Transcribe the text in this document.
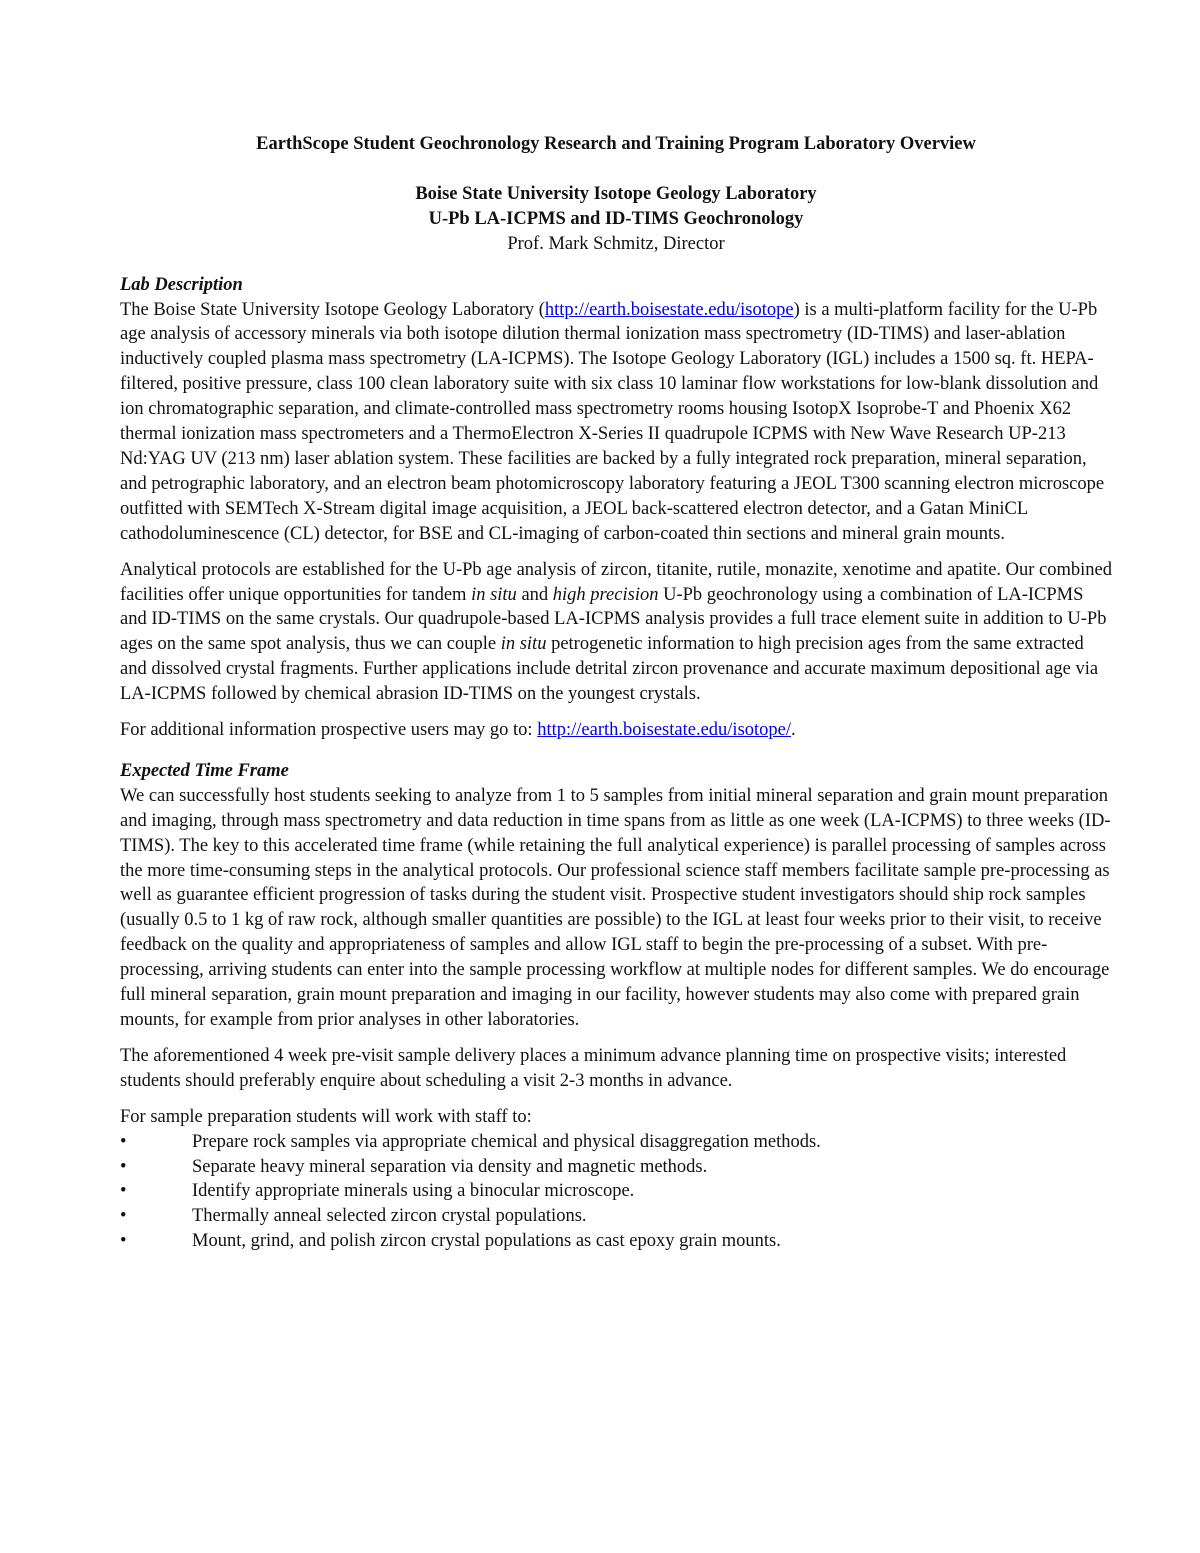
EarthScope Student Geochronology Research and Training Program Laboratory Overview
Boise State University Isotope Geology Laboratory
U-Pb LA-ICPMS and ID-TIMS Geochronology
Prof. Mark Schmitz, Director
Lab Description

The Boise State University Isotope Geology Laboratory (http://earth.boisestate.edu/isotope) is a multi-platform facility for the U-Pb age analysis of accessory minerals via both isotope dilution thermal ionization mass spectrometry (ID-TIMS) and laser-ablation inductively coupled plasma mass spectrometry (LA-ICPMS). The Isotope Geology Laboratory (IGL) includes a 1500 sq. ft. HEPA-filtered, positive pressure, class 100 clean laboratory suite with six class 10 laminar flow workstations for low-blank dissolution and ion chromatographic separation, and climate-controlled mass spectrometry rooms housing IsotopX Isoprobe-T and Phoenix X62 thermal ionization mass spectrometers and a ThermoElectron X-Series II quadrupole ICPMS with New Wave Research UP-213 Nd:YAG UV (213 nm) laser ablation system. These facilities are backed by a fully integrated rock preparation, mineral separation, and petrographic laboratory, and an electron beam photomicroscopy laboratory featuring a JEOL T300 scanning electron microscope outfitted with SEMTech X-Stream digital image acquisition, a JEOL back-scattered electron detector, and a Gatan MiniCL cathodoluminescence (CL) detector, for BSE and CL-imaging of carbon-coated thin sections and mineral grain mounts.

Analytical protocols are established for the U-Pb age analysis of zircon, titanite, rutile, monazite, xenotime and apatite. Our combined facilities offer unique opportunities for tandem in situ and high precision U-Pb geochronology using a combination of LA-ICPMS and ID-TIMS on the same crystals. Our quadrupole-based LA-ICPMS analysis provides a full trace element suite in addition to U-Pb ages on the same spot analysis, thus we can couple in situ petrogenetic information to high precision ages from the same extracted and dissolved crystal fragments. Further applications include detrital zircon provenance and accurate maximum depositional age via LA-ICPMS followed by chemical abrasion ID-TIMS on the youngest crystals.

For additional information prospective users may go to: http://earth.boisestate.edu/isotope/.

Expected Time Frame

We can successfully host students seeking to analyze from 1 to 5 samples from initial mineral separation and grain mount preparation and imaging, through mass spectrometry and data reduction in time spans from as little as one week (LA-ICPMS) to three weeks (ID-TIMS). The key to this accelerated time frame (while retaining the full analytical experience) is parallel processing of samples across the more time-consuming steps in the analytical protocols. Our professional science staff members facilitate sample pre-processing as well as guarantee efficient progression of tasks during the student visit. Prospective student investigators should ship rock samples (usually 0.5 to 1 kg of raw rock, although smaller quantities are possible) to the IGL at least four weeks prior to their visit, to receive feedback on the quality and appropriateness of samples and allow IGL staff to begin the pre-processing of a subset. With pre-processing, arriving students can enter into the sample processing workflow at multiple nodes for different samples. We do encourage full mineral separation, grain mount preparation and imaging in our facility, however students may also come with prepared grain mounts, for example from prior analyses in other laboratories.

The aforementioned 4 week pre-visit sample delivery places a minimum advance planning time on prospective visits; interested students should preferably enquire about scheduling a visit 2-3 months in advance.

For sample preparation students will work with staff to:

•	Prepare rock samples via appropriate chemical and physical disaggregation methods.
•	Separate heavy mineral separation via density and magnetic methods.
•	Identify appropriate minerals using a binocular microscope.
•	Thermally anneal selected zircon crystal populations.
•	Mount, grind, and polish zircon crystal populations as cast epoxy grain mounts.
